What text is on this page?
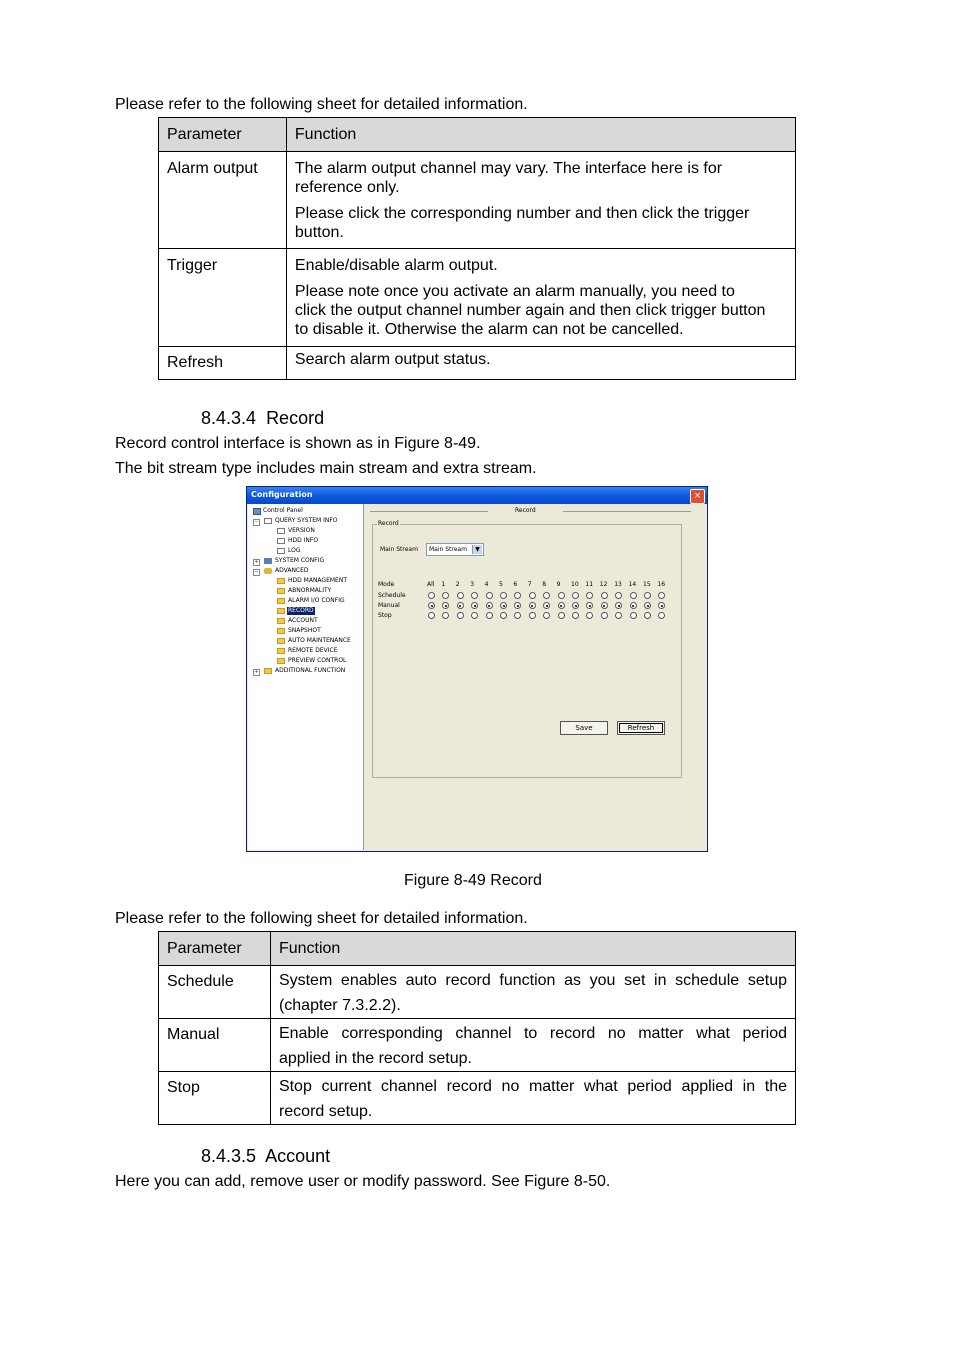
Please refer to the following sheet for detailed information.
Parameter	Function
Alarm output	The alarm output channel may vary. The interface here is for
reference only.
Please click the corresponding number and then click the trigger
button.

Trigger	Enable/disable alarm output.
Please note once you activate an alarm manually, you need to
click the output channel number again and then click trigger button
to disable it. Otherwise the alarm can not be cancelled.

Refresh	Search alarm output status.
8.4.3.4 Record
Record control interface is shown as in Figure 8-49.
The bit stream type includes main stream and extra stream.
Configuration	×
Control Panel
−	QUERY SYSTEM INFO
VERSION
HDD INFO
LOG
+	SYSTEM CONFIG
−	ADVANCED
HDD MANAGEMENT
ABNORMALITY
ALARM I/O CONFIG
RECORD
ACCOUNT
SNAPSHOT
AUTO MAINTENANCE
REMOTE DEVICE
PREVIEW CONTROL
+	ADDITIONAL FUNCTION
Record
Record
Main Stream Main Stream	▼
Mode	All 1 2 3 4 5 6 7 8 9 10 11 12 13 14 15 16
Schedule
Manual
Stop
Save	Refresh
Figure 8-49 Record
Please refer to the following sheet for detailed information.
Parameter	Function
Schedule	System enables auto record function as you set in schedule setup
(chapter 7.3.2.2).

Manual	Enable corresponding channel to record no matter what period
applied in the record setup.

Stop	Stop current channel record no matter what period applied in the
record setup.
8.4.3.5 Account
Here you can add, remove user or modify password. See Figure 8-50.
